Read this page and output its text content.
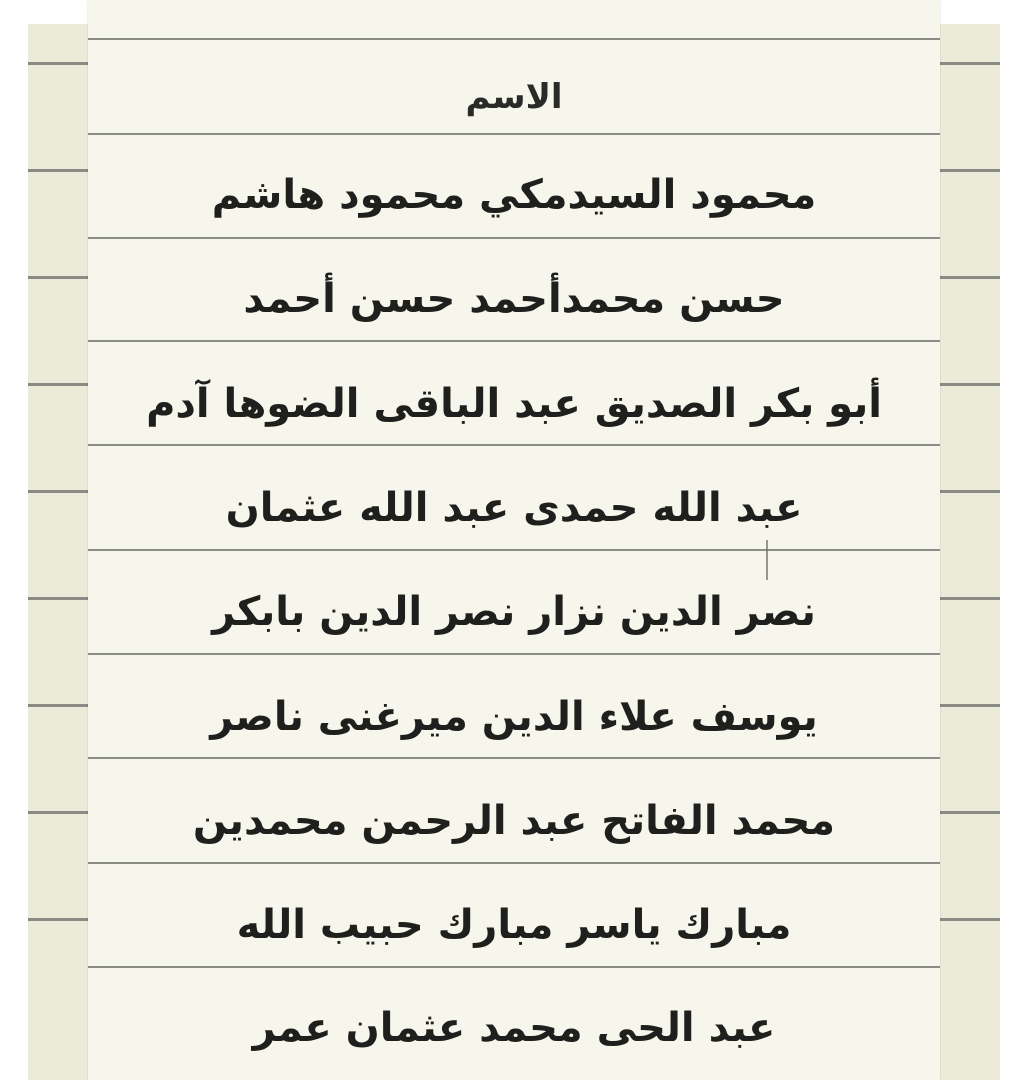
الاسم
محمود السيدمكي محمود هاشم
حسن محمدأحمد حسن أحمد
أبو بكر الصديق عبد الباقى الضوها آدم
عبد الله حمدى عبد الله عثمان
نصر الدين نزار نصر الدين بابكر
يوسف علاء الدين ميرغنى ناصر
محمد الفاتح عبد الرحمن محمدين
مبارك ياسر مبارك حبيب الله
عبد الحى محمد عثمان عمر
